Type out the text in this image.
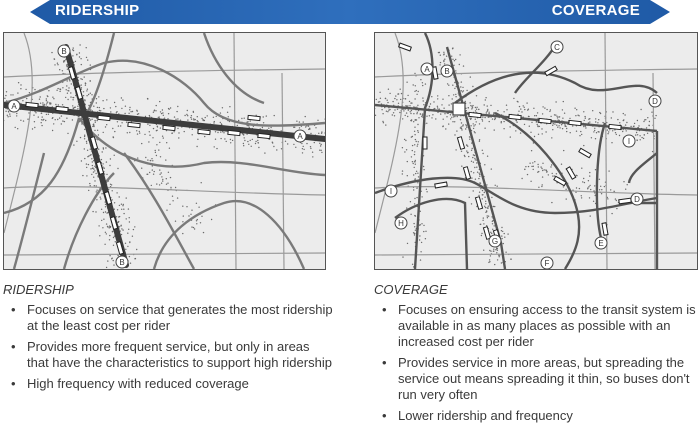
RIDERSHIP	COVERAGE
A
A
B
B
A B
C
D
D
E
F
G
H
I
I

RIDERSHIP

• Focuses on service that generates the most ridership at the least cost per rider
• Provides more frequent service, but only in areas that have the characteristics to support high ridership
• High frequency with reduced coverage

COVERAGE

• Focuses on ensuring access to the transit system is available in as many places as possible with an increased cost per rider
• Provides service in more areas, but spreading the service out means spreading it thin, so buses don't run very often
• Lower ridership and frequency
